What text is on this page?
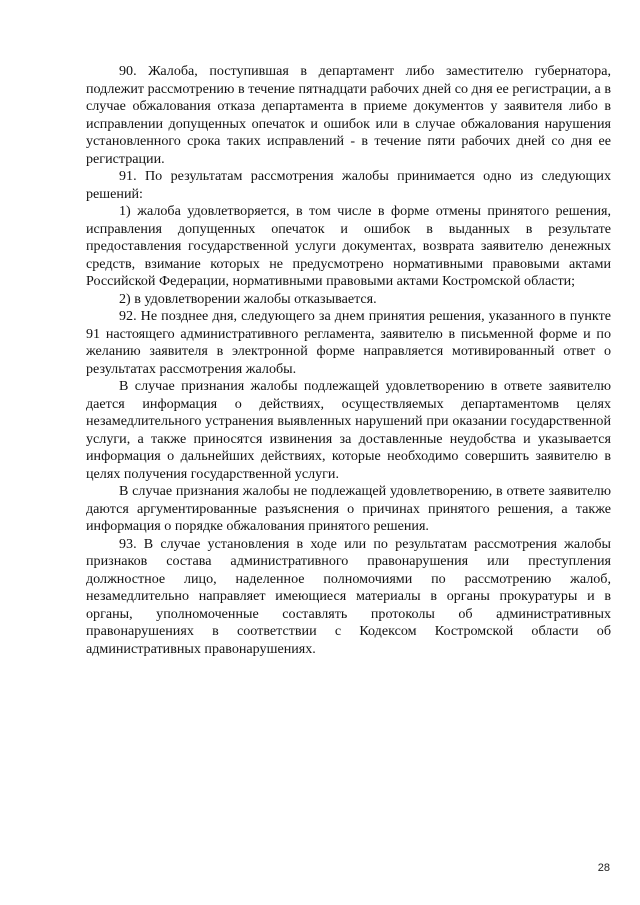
90. Жалоба, поступившая в департамент либо заместителю губернатора, подлежит рассмотрению в течение пятнадцати рабочих дней со дня ее регистрации, а в случае обжалования отказа департамента в приеме документов у заявителя либо в исправлении допущенных опечаток и ошибок или в случае обжалования нарушения установленного срока таких исправлений - в течение пяти рабочих дней со дня ее регистрации.

91. По результатам рассмотрения жалобы принимается одно из следующих решений:

1) жалоба удовлетворяется, в том числе в форме отмены принятого решения, исправления допущенных опечаток и ошибок в выданных в результате предоставления государственной услуги документах, возврата заявителю денежных средств, взимание которых не предусмотрено нормативными правовыми актами Российской Федерации, нормативными правовыми актами Костромской области;

2) в удовлетворении жалобы отказывается.

92. Не позднее дня, следующего за днем принятия решения, указанного в пункте 91 настоящего административного регламента, заявителю в письменной форме и по желанию заявителя в электронной форме направляется мотивированный ответ о результатах рассмотрения жалобы.

В случае признания жалобы подлежащей удовлетворению в ответе заявителю дается информация о действиях, осуществляемых департаментомв целях незамедлительного устранения выявленных нарушений при оказании государственной услуги, а также приносятся извинения за доставленные неудобства и указывается информация о дальнейших действиях, которые необходимо совершить заявителю в целях получения государственной услуги.

В случае признания жалобы не подлежащей удовлетворению, в ответе заявителю даются аргументированные разъяснения о причинах принятого решения, а также информация о порядке обжалования принятого решения.

93. В случае установления в ходе или по результатам рассмотрения жалобы признаков состава административного правонарушения или преступления должностное лицо, наделенное полномочиями по рассмотрению жалоб, незамедлительно направляет имеющиеся материалы в органы прокуратуры и в органы, уполномоченные составлять протоколы об административных правонарушениях в соответствии с Кодексом Костромской области об административных правонарушениях.

28
